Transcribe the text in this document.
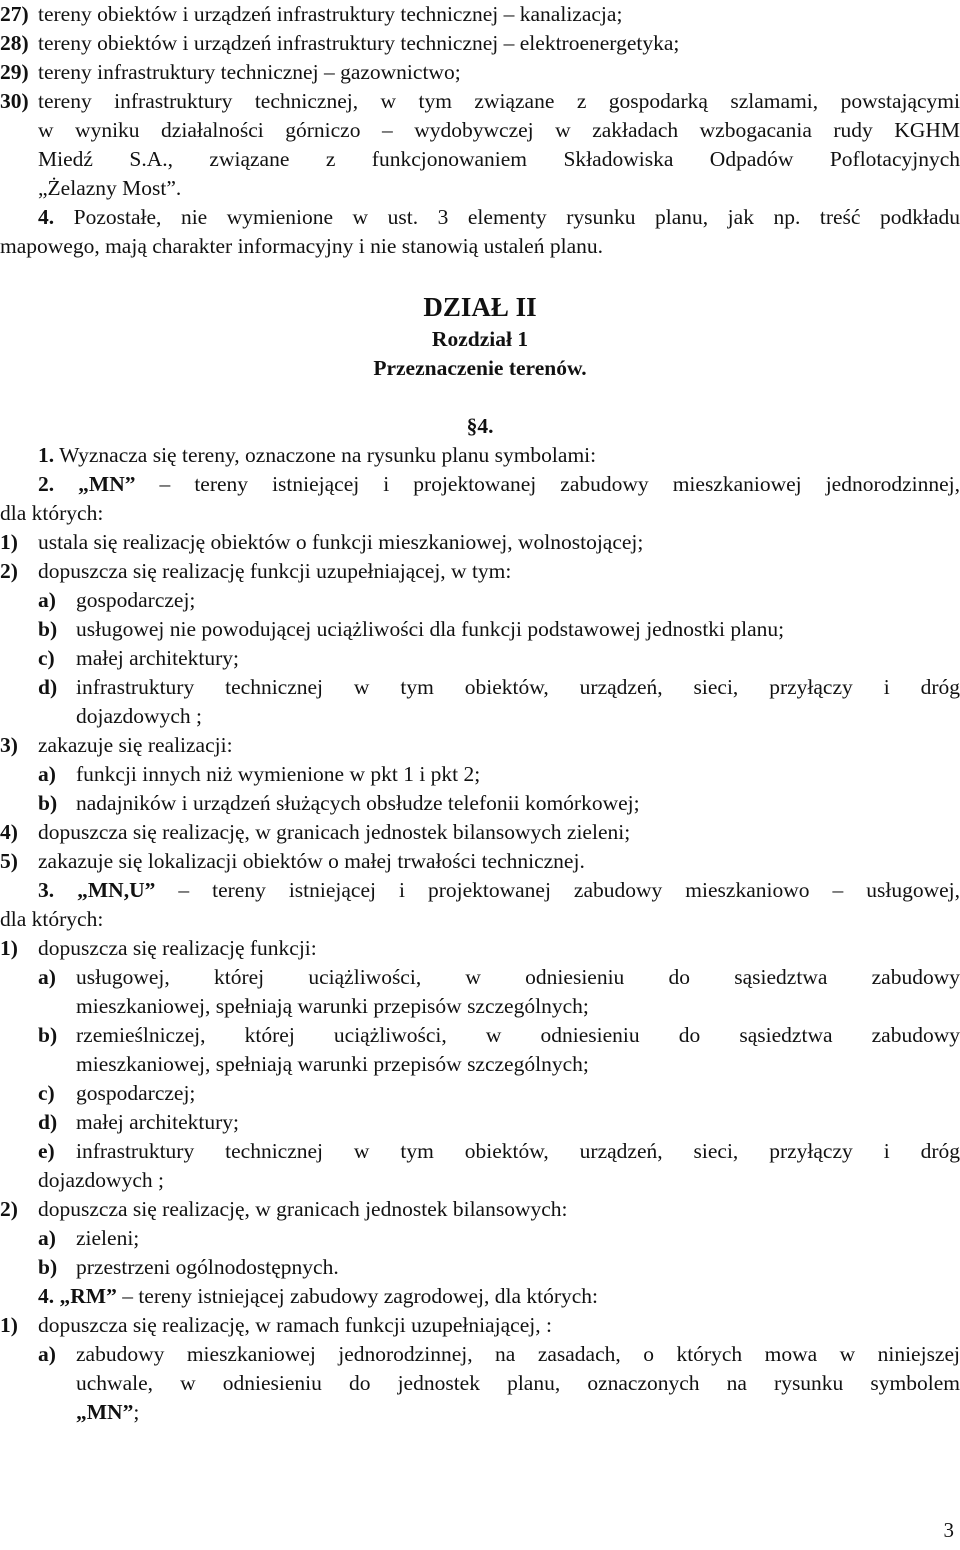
27) tereny obiektów i urządzeń infrastruktury technicznej – kanalizacja;
28) tereny obiektów i urządzeń infrastruktury technicznej – elektroenergetyka;
29) tereny infrastruktury technicznej – gazownictwo;
30) tereny infrastruktury technicznej, w tym związane z gospodarką szlamami, powstającymi
w wyniku działalności górniczo – wydobywczej w zakładach wzbogacania rudy KGHM
Miedź S.A., związane z funkcjonowaniem Składowiska Odpadów Poflotacyjnych
„Żelazny Most”.
4. Pozostałe, nie wymienione w ust. 3 elementy rysunku planu, jak np. treść podkładu
mapowego, mają charakter informacyjny i nie stanowią ustaleń planu.
DZIAŁ II
Rozdział 1
Przeznaczenie terenów.
§4.
1. Wyznacza się tereny, oznaczone na rysunku planu symbolami:
2. „MN” – tereny istniejącej i projektowanej zabudowy mieszkaniowej jednorodzinnej,
dla których:
1) ustala się realizację obiektów o funkcji mieszkaniowej, wolnostojącej;
2) dopuszcza się realizację funkcji uzupełniającej, w tym:
a) gospodarczej;
b) usługowej nie powodującej uciążliwości dla funkcji podstawowej jednostki planu;
c) małej architektury;
d) infrastruktury technicznej w tym obiektów, urządzeń, sieci, przyłączy i dróg
dojazdowych ;
3) zakazuje się realizacji:
a) funkcji innych niż wymienione w pkt 1 i pkt 2;
b) nadajników i urządzeń służących obsłudze telefonii komórkowej;
4) dopuszcza się realizację, w granicach jednostek bilansowych zieleni;
5) zakazuje się lokalizacji obiektów o małej trwałości technicznej.
3. „MN,U” – tereny istniejącej i projektowanej zabudowy mieszkaniowo – usługowej,
dla których:
1) dopuszcza się realizację funkcji:
a) usługowej, której uciążliwości, w odniesieniu do sąsiedztwa zabudowy
mieszkaniowej, spełniają warunki przepisów szczególnych;
b) rzemieślniczej, której uciążliwości, w odniesieniu do sąsiedztwa zabudowy
mieszkaniowej, spełniają warunki przepisów szczególnych;
c) gospodarczej;
d) małej architektury;
e) infrastruktury technicznej w tym obiektów, urządzeń, sieci, przyłączy i dróg
dojazdowych ;
2) dopuszcza się realizację, w granicach jednostek bilansowych:
a) zieleni;
b) przestrzeni ogólnodostępnych.
4. „RM” – tereny istniejącej zabudowy zagrodowej, dla których:
1) dopuszcza się realizację, w ramach funkcji uzupełniającej, :
a) zabudowy mieszkaniowej jednorodzinnej, na zasadach, o których mowa w niniejszej
uchwale, w odniesieniu do jednostek planu, oznaczonych na rysunku symbolem
„MN”;
3
